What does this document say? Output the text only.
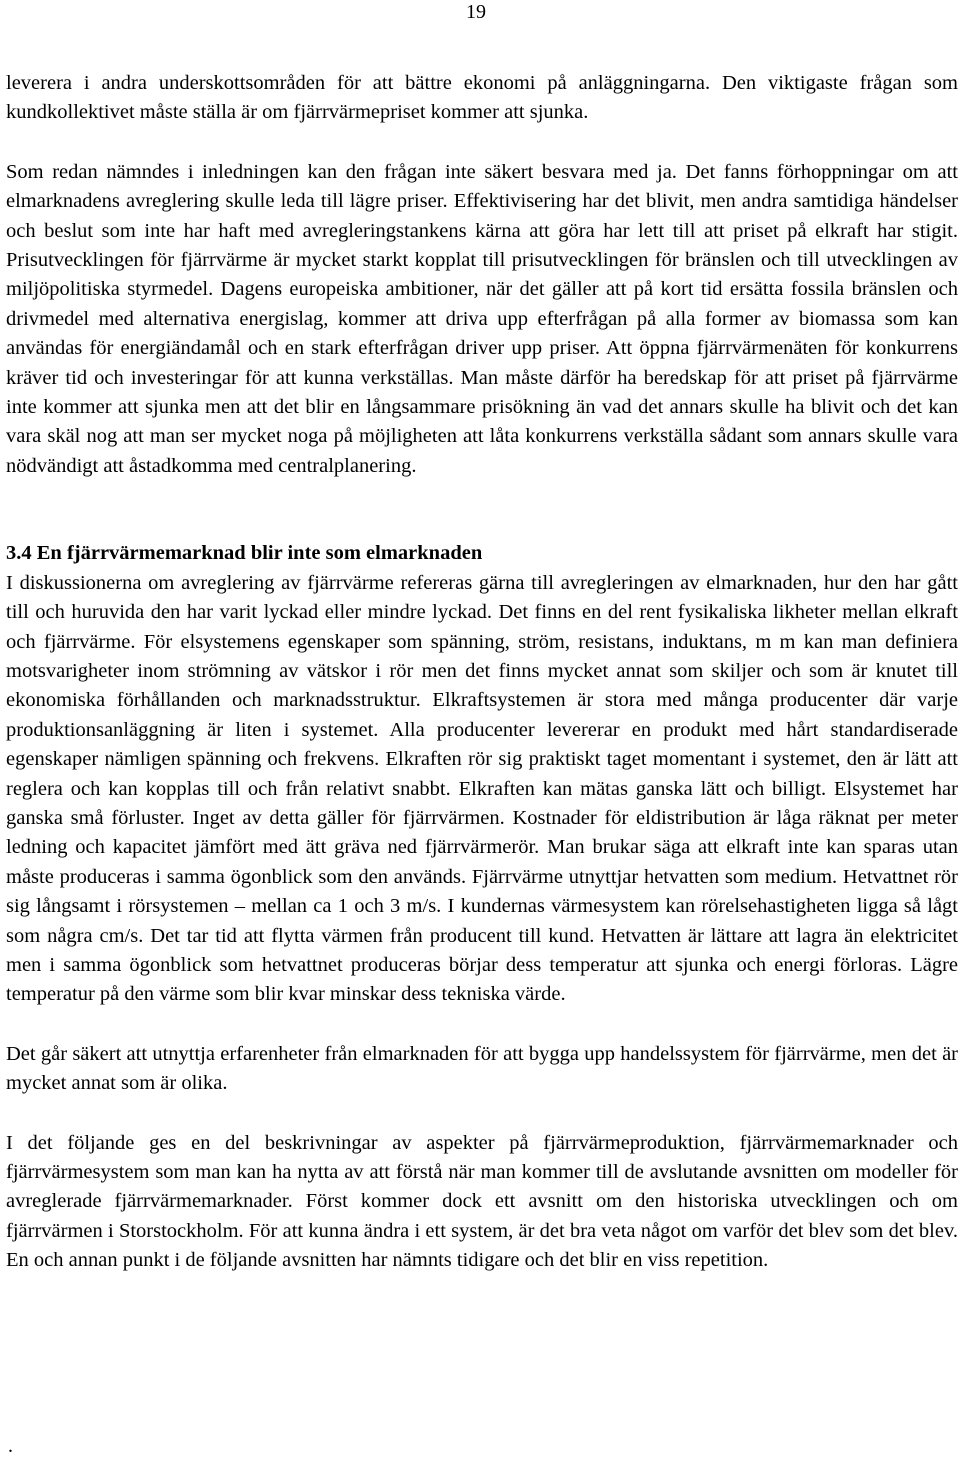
19

leverera i andra underskottsområden för att bättre ekonomi på anläggningarna. Den viktigaste frågan som kundkollektivet måste ställa är om fjärrvärmepriset kommer att sjunka.

Som redan nämndes i inledningen kan den frågan inte säkert besvara med ja. Det fanns förhoppningar om att elmarknadens avreglering skulle leda till lägre priser. Effektivisering har det blivit, men andra samtidiga händelser och beslut som inte har haft med avregleringstankens kärna att göra har lett till att priset på elkraft har stigit. Prisutvecklingen för fjärrvärme är mycket starkt kopplat till prisutvecklingen för bränslen och till utvecklingen av miljöpolitiska styrmedel. Dagens europeiska ambitioner, när det gäller att på kort tid ersätta fossila bränslen och drivmedel med alternativa energislag, kommer att driva upp efterfrågan på alla former av biomassa som kan användas för energiändamål och en stark efterfrågan driver upp priser. Att öppna fjärrvärmenäten för konkurrens kräver tid och investeringar för att kunna verkställas. Man måste därför ha beredskap för att priset på fjärrvärme inte kommer att sjunka men att det blir en långsammare prisökning än vad det annars skulle ha blivit och det kan vara skäl nog att man ser mycket noga på möjligheten att låta konkurrens verkställa sådant som annars skulle vara nödvändigt att åstadkomma med centralplanering.

3.4 En fjärrvärmemarknad blir inte som elmarknaden

I diskussionerna om avreglering av fjärrvärme refereras gärna till avregleringen av elmarknaden, hur den har gått till och huruvida den har varit lyckad eller mindre lyckad. Det finns en del rent fysikaliska likheter mellan elkraft och fjärrvärme. För elsystemens egenskaper som spänning, ström, resistans, induktans, m m kan man definiera motsvarigheter inom strömning av vätskor i rör men det finns mycket annat som skiljer och som är knutet till ekonomiska förhållanden och marknadsstruktur. Elkraftsystemen är stora med många producenter där varje produktionsanläggning är liten i systemet. Alla producenter levererar en produkt med hårt standardiserade egenskaper nämligen spänning och frekvens. Elkraften rör sig praktiskt taget momentant i systemet, den är lätt att reglera och kan kopplas till och från relativt snabbt. Elkraften kan mätas ganska lätt och billigt. Elsystemet har ganska små förluster. Inget av detta gäller för fjärrvärmen. Kostnader för eldistribution är låga räknat per meter ledning och kapacitet jämfört med ätt gräva ned fjärrvärmerör. Man brukar säga att elkraft inte kan sparas utan måste produceras i samma ögonblick som den används. Fjärrvärme utnyttjar hetvatten som medium. Hetvattnet rör sig långsamt i rörsystemen – mellan ca 1 och 3 m/s. I kundernas värmesystem kan rörelsehastigheten ligga så lågt som några cm/s. Det tar tid att flytta värmen från producent till kund. Hetvatten är lättare att lagra än elektricitet men i samma ögonblick som hetvattnet produceras börjar dess temperatur att sjunka och energi förloras. Lägre temperatur på den värme som blir kvar minskar dess tekniska värde.

Det går säkert att utnyttja erfarenheter från elmarknaden för att bygga upp handelssystem för fjärrvärme, men det är mycket annat som är olika.

I det följande ges en del beskrivningar av aspekter på fjärrvärmeproduktion, fjärrvärmemarknader och fjärrvärmesystem som man kan ha nytta av att förstå när man kommer till de avslutande avsnitten om modeller för avreglerade fjärrvärmemarknader. Först kommer dock ett avsnitt om den historiska utvecklingen och om fjärrvärmen i Storstockholm. För att kunna ändra i ett system, är det bra veta något om varför det blev som det blev. En och annan punkt i de följande avsnitten har nämnts tidigare och det blir en viss repetition.

.
